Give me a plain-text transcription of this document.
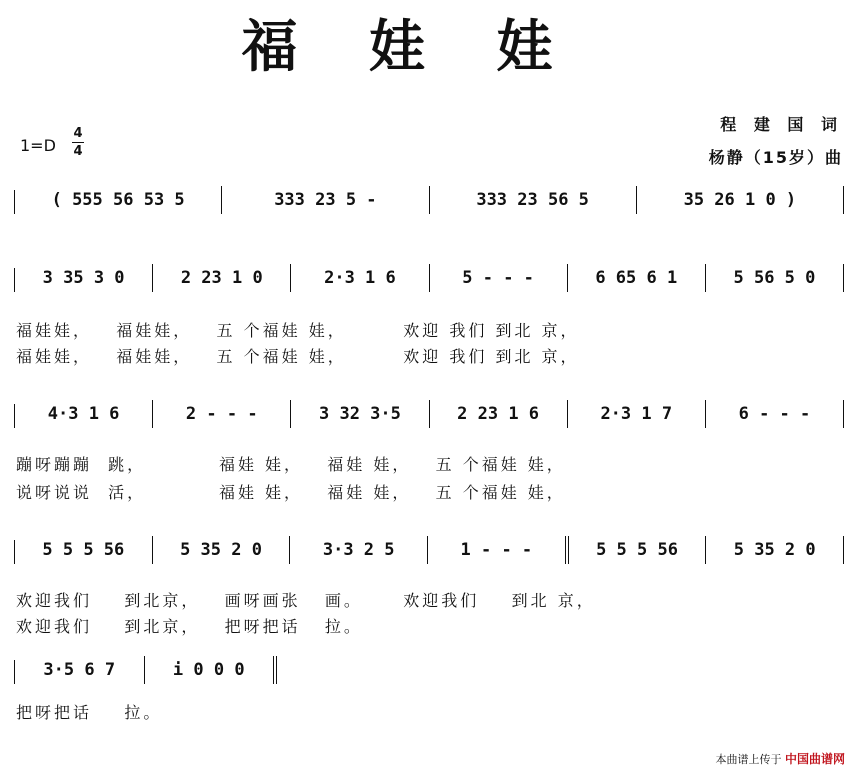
福 娃 娃
1=D
4
4
程 建 国 词
杨静（15岁）曲
( 555 56 53 5	333 23 5 -	333 23 56 5	35 26 1 0 )
3 35 3 0	2 23 1 0	2·3 1 6	5 - - -	6 65 6 1	5 56 5 0
福娃娃，   福娃娃，   五 个福娃 娃，       欢迎 我们 到北 京，
福娃娃，   福娃娃，   五 个福娃 娃，       欢迎 我们 到北 京，
4·3 1 6	2 - - -	3 32 3·5	2 23 1 6	2·3 1 7	6 - - -
蹦呀蹦蹦  跳，         福娃 娃，   福娃 娃，   五 个福娃 娃，
说呀说说  活，         福娃 娃，   福娃 娃，   五 个福娃 娃，
5 5 5 56	5 35 2 0	3·3 2 5	1 - - -	5 5 5 56	5 35 2 0
欢迎我们    到北京，   画呀画张   画。     欢迎我们    到北 京，
欢迎我们    到北京，   把呀把话   拉。
3·5 6 7	i 0 0 0
把呀把话    拉。
本曲谱上传于 中国曲谱网
